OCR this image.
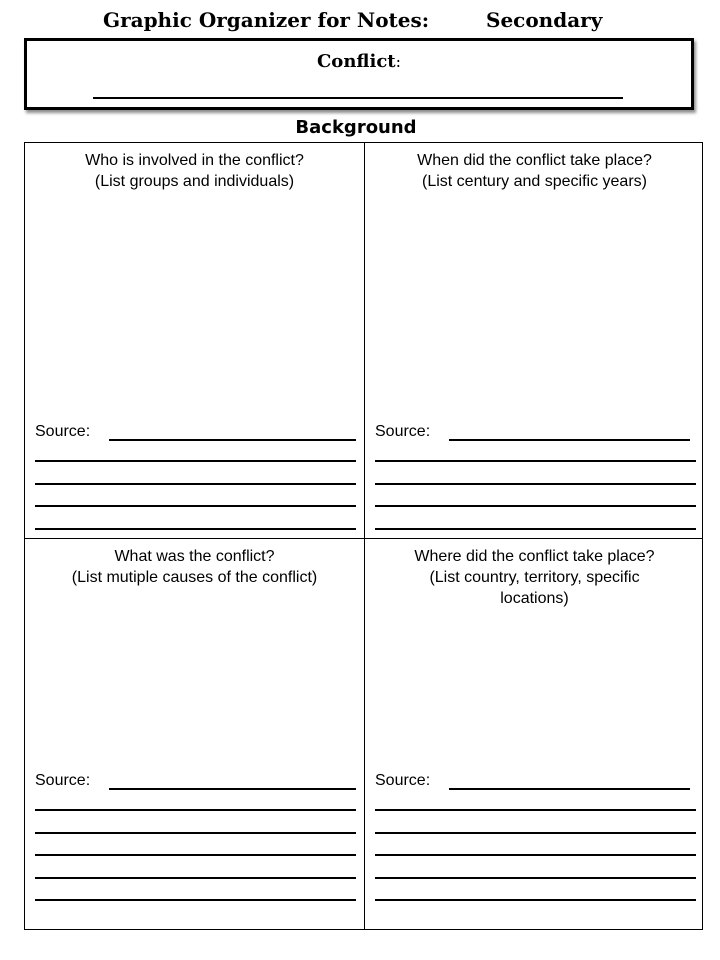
Graphic Organizer for Notes:	Secondary
Conflict:
Background
Who is involved in the conflict?
(List groups and individuals)
Source:
When did the conflict take place?
(List century and specific years)
Source:
What was the conflict?
(List mutiple causes of the conflict)
Source:
Where did the conflict take place?
(List country, territory, specific
locations)
Source:
